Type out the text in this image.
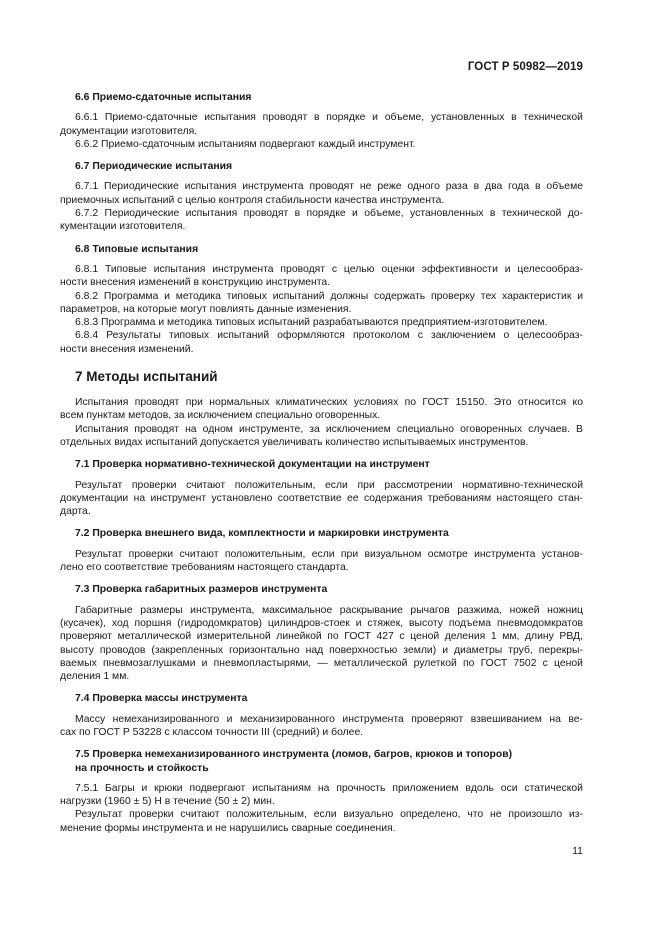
ГОСТ Р 50982—2019
6.6 Приемо-сдаточные испытания
6.6.1 Приемо-сдаточные испытания проводят в порядке и объеме, установленных в технической
документации изготовителя.
6.6.2 Приемо-сдаточным испытаниям подвергают каждый инструмент.
6.7 Периодические испытания
6.7.1 Периодические испытания инструмента проводят не реже одного раза в два года в объеме
приемочных испытаний с целью контроля стабильности качества инструмента.
6.7.2 Периодические испытания проводят в порядке и объеме, установленных в технической до-
кументации изготовителя.
6.8 Типовые испытания
6.8.1 Типовые испытания инструмента проводят с целью оценки эффективности и целесообраз-
ности внесения изменений в конструкцию инструмента.
6.8.2 Программа и методика типовых испытаний должны содержать проверку тех характеристик и
параметров, на которые могут повлиять данные изменения.
6.8.3 Программа и методика типовых испытаний разрабатываются предприятием-изготовителем.
6.8.4 Результаты типовых испытаний оформляются протоколом с заключением о целесообраз-
ности внесения изменений.
7 Методы испытаний
Испытания проводят при нормальных климатических условиях по ГОСТ 15150. Это относится ко
всем пунктам методов, за исключением специально оговоренных.
Испытания проводят на одном инструменте, за исключением специально оговоренных случаев. В
отдельных видах испытаний допускается увеличивать количество испытываемых инструментов.
7.1 Проверка нормативно-технической документации на инструмент
Результат проверки считают положительным, если при рассмотрении нормативно-технической
документации на инструмент установлено соответствие ее содержания требованиям настоящего стан-
дарта.
7.2 Проверка внешнего вида, комплектности и маркировки инструмента
Результат проверки считают положительным, если при визуальном осмотре инструмента установ-
лено его соответствие требованиям настоящего стандарта.
7.3 Проверка габаритных размеров инструмента
Габаритные размеры инструмента, максимальное раскрывание рычагов разжима, ножей ножниц
(кусачек), ход поршня (гидродомкратов) цилиндров-стоек и стяжек, высоту подъема пневмодомкратов
проверяют металлической измерительной линейкой по ГОСТ 427 с ценой деления 1 мм, длину РВД,
высоту проводов (закрепленных горизонтально над поверхностью земли) и диаметры труб, перекры-
ваемых пневмозаглушками и пневмопластырями, — металлической рулеткой по ГОСТ 7502 с ценой
деления 1 мм.
7.4 Проверка массы инструмента
Массу немеханизированного и механизированного инструмента проверяют взвешиванием на ве-
сах по ГОСТ Р 53228 с классом точности III (средний) и более.
7.5 Проверка немеханизированного инструмента (ломов, багров, крюков и топоров)
на прочность и стойкость
7.5.1 Багры и крюки подвергают испытаниям на прочность приложением вдоль оси статической
нагрузки (1960 ± 5) Н в течение (50 ± 2) мин.
Результат проверки считают положительным, если визуально определено, что не произошло из-
менение формы инструмента и не нарушились сварные соединения.
11
